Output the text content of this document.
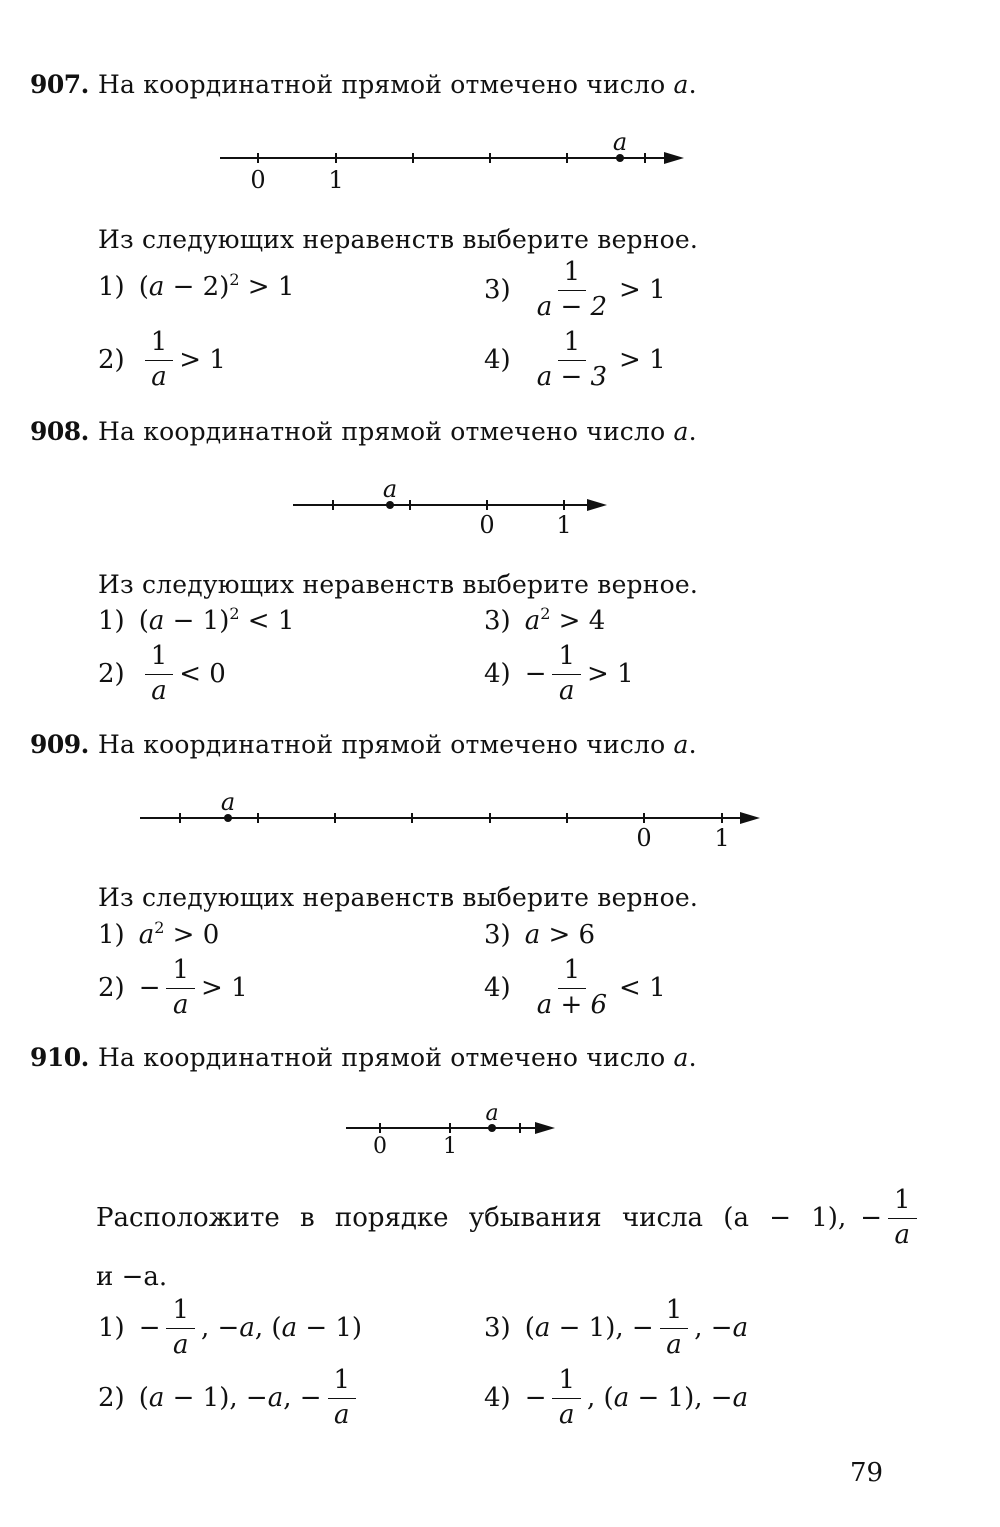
907. На координатной прямой отмечено число a.
a
0	1
Из следующих неравенств выберите верное.
1) $(a - 2)^2 > 1$
$2) \frac{1}{a} > 1$
$3) \frac{1}{a - 2} > 1$
$4) \frac{1}{a - 3} > 1$
908. На координатной прямой отмечено число a.
a
0	1
Из следующих неравенств выберите верное.
1) $(a - 1)^2 < 1$
$2) \frac{1}{a} < 0$
3) $a^2 > 4$
$4) - \frac{1}{a} > 1$
909. На координатной прямой отмечено число a.
a
0	1
Из следующих неравенств выберите верное.
1) $a^2 > 0$
$2) - \frac{1}{a} > 1$
3) a > 6
$4) \frac{1}{a + 6} < 1$
910. На координатной прямой отмечено число a.
a
0	1
Расположите в порядке убывания числа (a − 1), − $\frac{1}{a}$
и −a.
$1) - \frac{1}{a}$ , −a, (a − 1)
2) (a − 1), −a, − $\frac{1}{a}$
3) (a − 1), − $\frac{1}{a}$ , −a
$4) - \frac{1}{a}$ , (a − 1), −a
79
